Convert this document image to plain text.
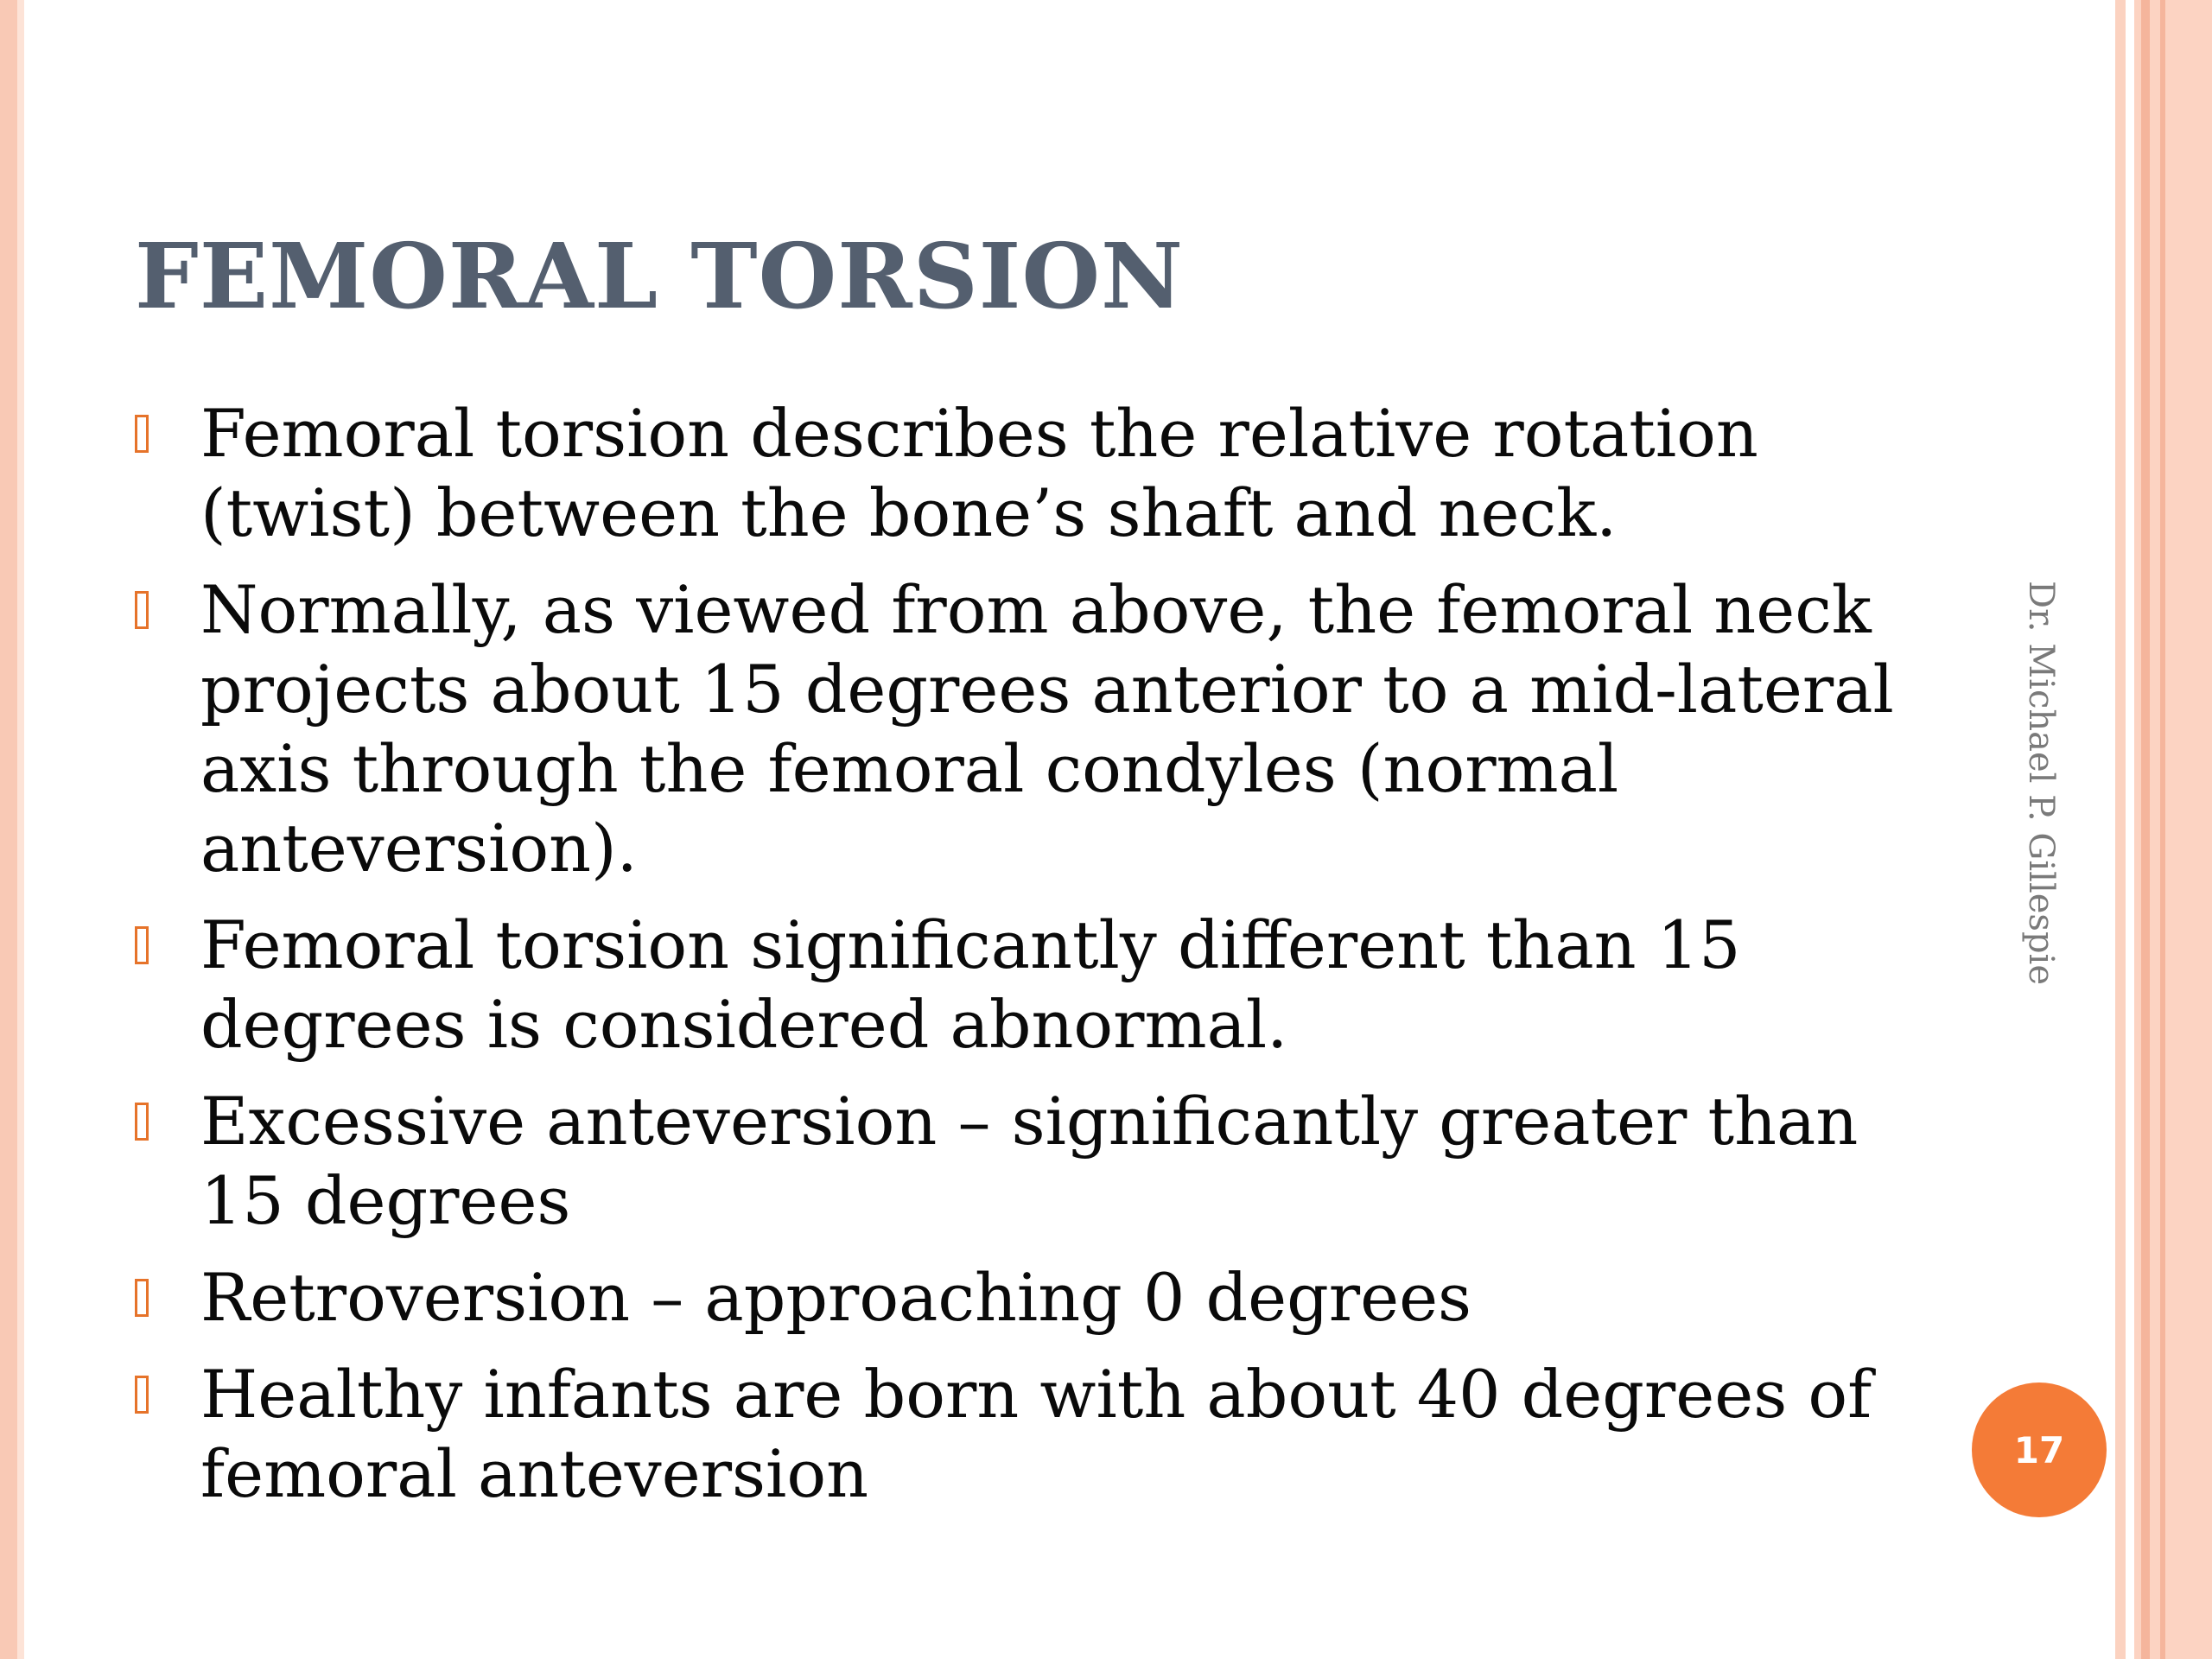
FEMORAL TORSION
Femoral torsion describes the relative rotation (twist) between the bone’s shaft and neck.
Normally, as viewed from above, the femoral neck projects about 15 degrees anterior to a mid-lateral axis through the femoral condyles (normal anteversion).
Femoral torsion significantly different than 15 degrees is considered abnormal.
Excessive anteversion – significantly greater than 15 degrees
Retroversion – approaching 0 degrees
Healthy infants are born with about 40 degrees of femoral anteversion
Dr. Michael P. Gillespie
17
